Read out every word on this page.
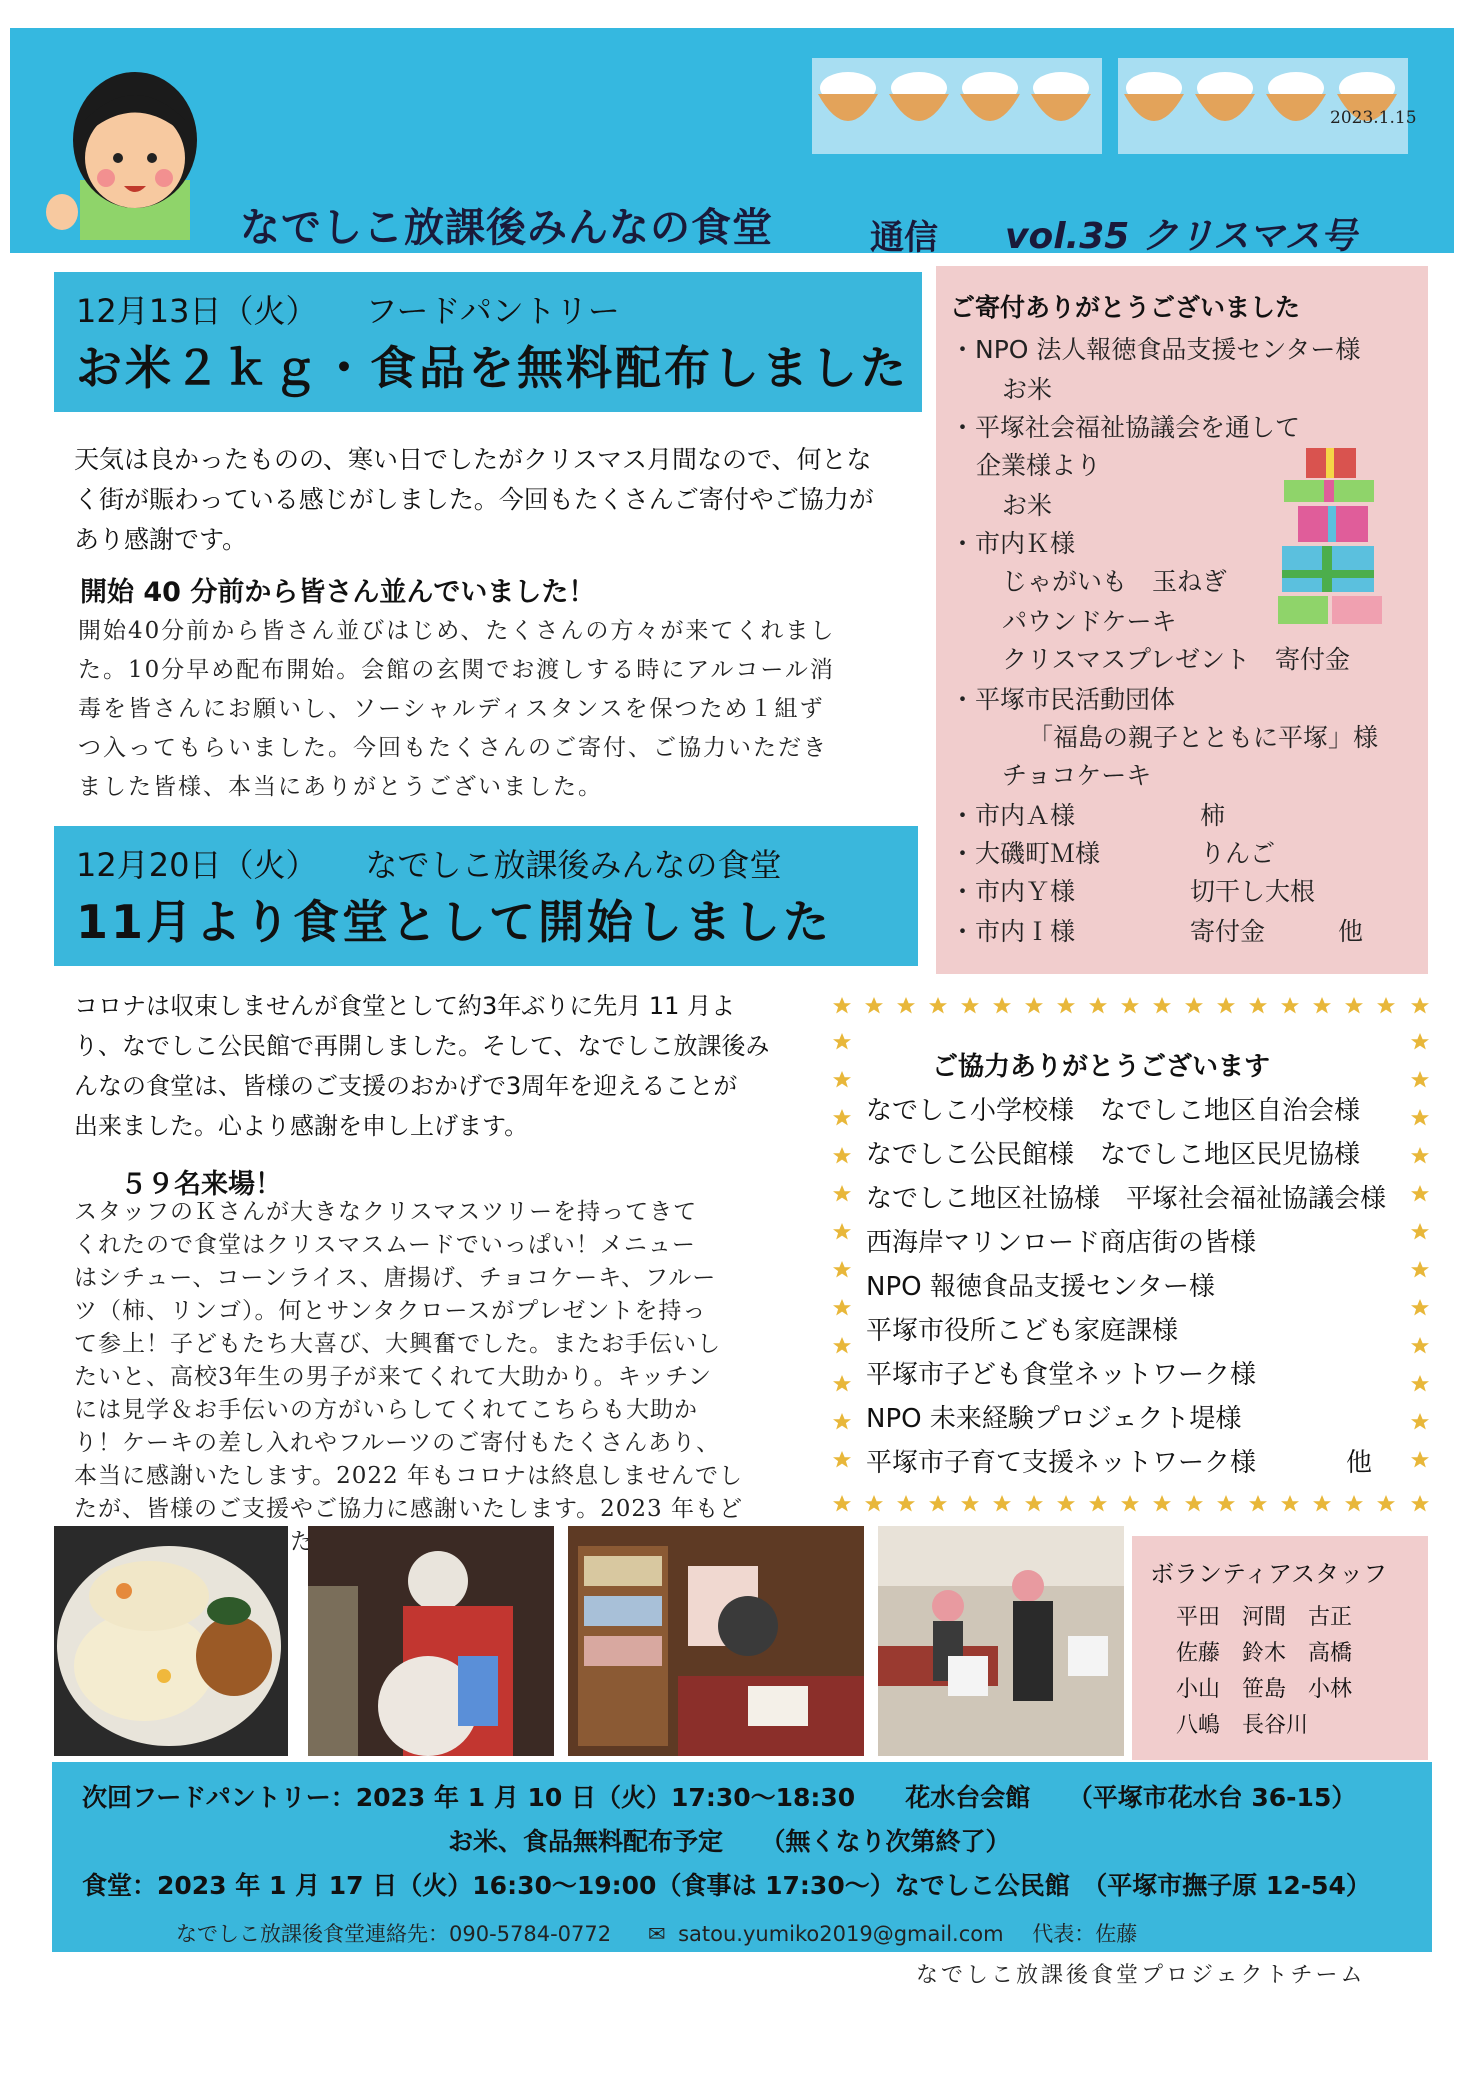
2023.1.15
なでしこ放課後みんなの食堂	通信 vol.35 クリスマス号
12月13日（火）　　フードパントリー
お米２ｋｇ・食品を無料配布しました
天気は良かったものの、寒い日でしたがクリスマス月間なので、何とな
く街が賑わっている感じがしました。今回もたくさんご寄付やご協力が
あり感謝です。
開始 40 分前から皆さん並んでいました！
開始40分前から皆さん並びはじめ、たくさんの方々が来てくれまし
た。10分早め配布開始。会館の玄関でお渡しする時にアルコール消
毒を皆さんにお願いし、ソーシャルディスタンスを保つため１組ず
つ入ってもらいました。今回もたくさんのご寄付、ご協力いただき
ました皆様、本当にありがとうございました。
ご寄付ありがとうございました
・NPO 法人報徳食品支援センター様
お米
・平塚社会福祉協議会を通して
企業様より
お米
・市内Ｋ様
じゃがいも　玉ねぎ
パウンドケーキ
クリスマスプレゼント　寄付金
・平塚市民活動団体
「福島の親子とともに平塚」様
チョコケーキ
・市内Ａ様	柿
・大磯町Ｍ様	りんご
・市内Ｙ様	切干し大根
・市内Ｉ様	寄付金	他
12月20日（火）　　なでしこ放課後みんなの食堂
11月より食堂として開始しました
コロナは収束しませんが食堂として約3年ぶりに先月 11 月よ
り、なでしこ公民館で再開しました。そして、なでしこ放課後み
んなの食堂は、皆様のご支援のおかげで3周年を迎えることが
出来ました。心より感謝を申し上げます。
５９名来場！
スタッフのＫさんが大きなクリスマスツリーを持ってきて
くれたので食堂はクリスマスムードでいっぱい！メニュー
はシチュー、コーンライス、唐揚げ、チョコケーキ、フルー
ツ（柿、リンゴ）。何とサンタクロースがプレゼントを持っ
て参上！子どもたち大喜び、大興奮でした。またお手伝いし
たいと、高校3年生の男子が来てくれて大助かり。キッチン
には見学＆お手伝いの方がいらしてくれてこちらも大助か
り！ケーキの差し入れやフルーツのご寄付もたくさんあり、
本当に感謝いたします。2022 年もコロナは終息しませんでし
たが、皆様のご支援やご協力に感謝いたします。2023 年もど
ご協力ありがとうございます
なでしこ小学校様　なでしこ地区自治会様
なでしこ公民館様　なでしこ地区民児協様
なでしこ地区社協様　平塚社会福祉協議会様
西海岸マリンロード商店街の皆様
NPO 報徳食品支援センター様
平塚市役所こども家庭課様
平塚市子ども食堂ネットワーク様
NPO 未来経験プロジェクト堤様
平塚市子育て支援ネットワーク様	他
ボランティアスタッフ
平田　河間　古正
佐藤　鈴木　高橋
小山　笹島　小林
八嶋　長谷川
次回フードパントリー：2023 年 1 月 10 日（火）17:30～18:30　　花水台会館　　（平塚市花水台 36-15）
お米、食品無料配布予定　　（無くなり次第終了）
食堂：2023 年 1 月 17 日（火）16:30～19:00（食事は 17:30～）なでしこ公民館　（平塚市撫子原 12-54）
なでしこ放課後食堂連絡先：090-5784-0772 ✉ satou.yumiko2019@gmail.com 代表：佐藤
なでしこ放課後食堂プロジェクトチーム
